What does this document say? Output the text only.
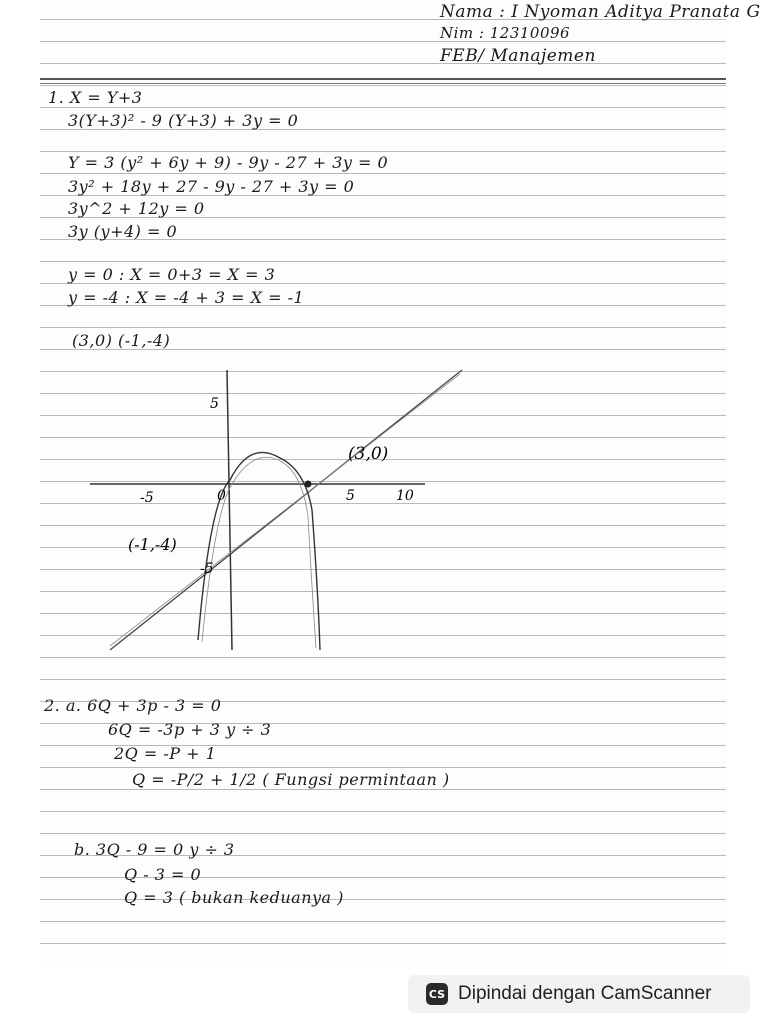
Nama : I Nyoman Aditya Pranata G
Nim : 12310096
FEB/ Manajemen
1. X = Y+3
3(Y+3)² - 9 (Y+3) + 3y = 0
Y = 3 (y² + 6y + 9) - 9y - 27 + 3y = 0
3y² + 18y + 27 - 9y - 27 + 3y = 0
3y^2 + 12y = 0
3y (y+4) = 0
y = 0 : X = 0+3 = X = 3
y = -4 : X = -4 + 3 = X = -1
(3,0) (-1,-4)
5
-5	0	5	10
-5
(3,0)
(-1,-4)
2. a. 6Q + 3p - 3 = 0
6Q = -3p + 3 y ÷ 3
2Q = -P + 1
Q = -P/2 + 1/2 ( Fungsi permintaan )
b. 3Q - 9 = 0 y ÷ 3
Q - 3 = 0
Q = 3 ( bukan keduanya )
CS Dipindai dengan CamScanner
